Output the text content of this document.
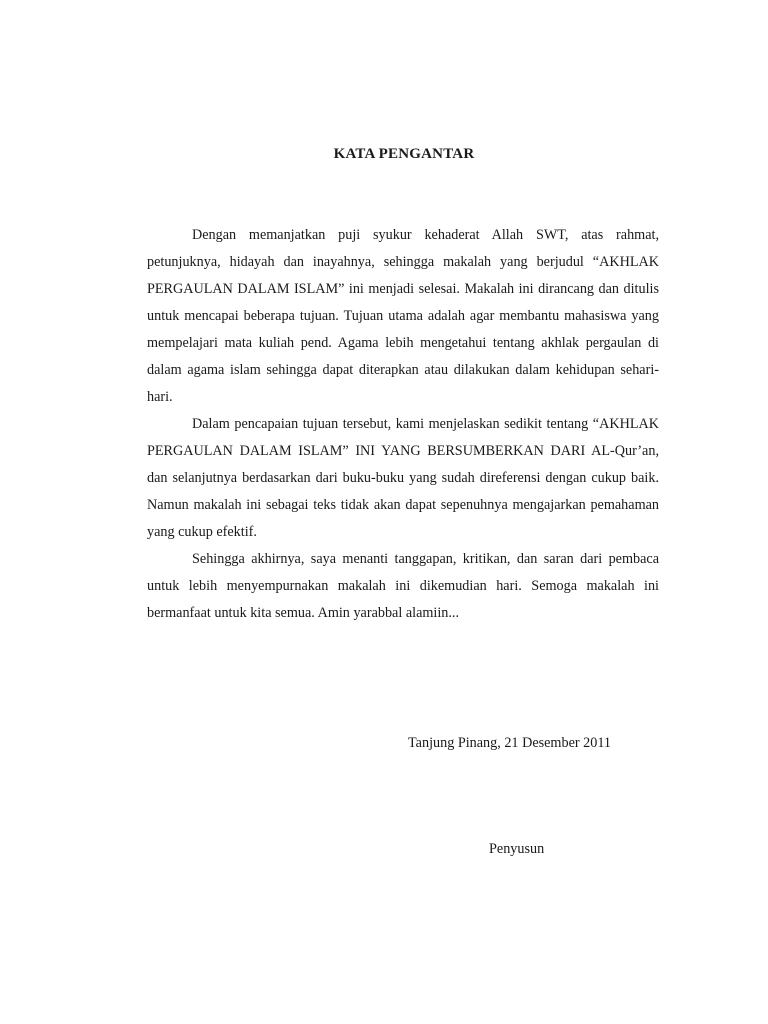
KATA PENGANTAR

Dengan memanjatkan puji syukur kehaderat Allah SWT, atas rahmat, petunjuknya, hidayah dan inayahnya, sehingga makalah yang berjudul “AKHLAK PERGAULAN DALAM ISLAM” ini menjadi selesai. Makalah ini dirancang dan ditulis untuk mencapai beberapa tujuan. Tujuan utama adalah agar membantu mahasiswa yang mempelajari mata kuliah pend. Agama lebih mengetahui tentang akhlak pergaulan di dalam agama islam sehingga dapat diterapkan atau dilakukan dalam kehidupan sehari-hari.

Dalam pencapaian tujuan tersebut, kami menjelaskan sedikit tentang “AKHLAK PERGAULAN DALAM ISLAM” INI YANG BERSUMBERKAN DARI AL-Qur’an, dan selanjutnya berdasarkan dari buku-buku yang sudah direferensi dengan cukup baik. Namun makalah ini sebagai teks tidak akan dapat sepenuhnya mengajarkan pemahaman yang cukup efektif.

Sehingga akhirnya, saya menanti tanggapan, kritikan, dan saran dari pembaca untuk lebih menyempurnakan makalah ini dikemudian hari. Semoga makalah ini bermanfaat untuk kita semua. Amin yarabbal alamiin...

Tanjung Pinang, 21 Desember 2011
Penyusun
